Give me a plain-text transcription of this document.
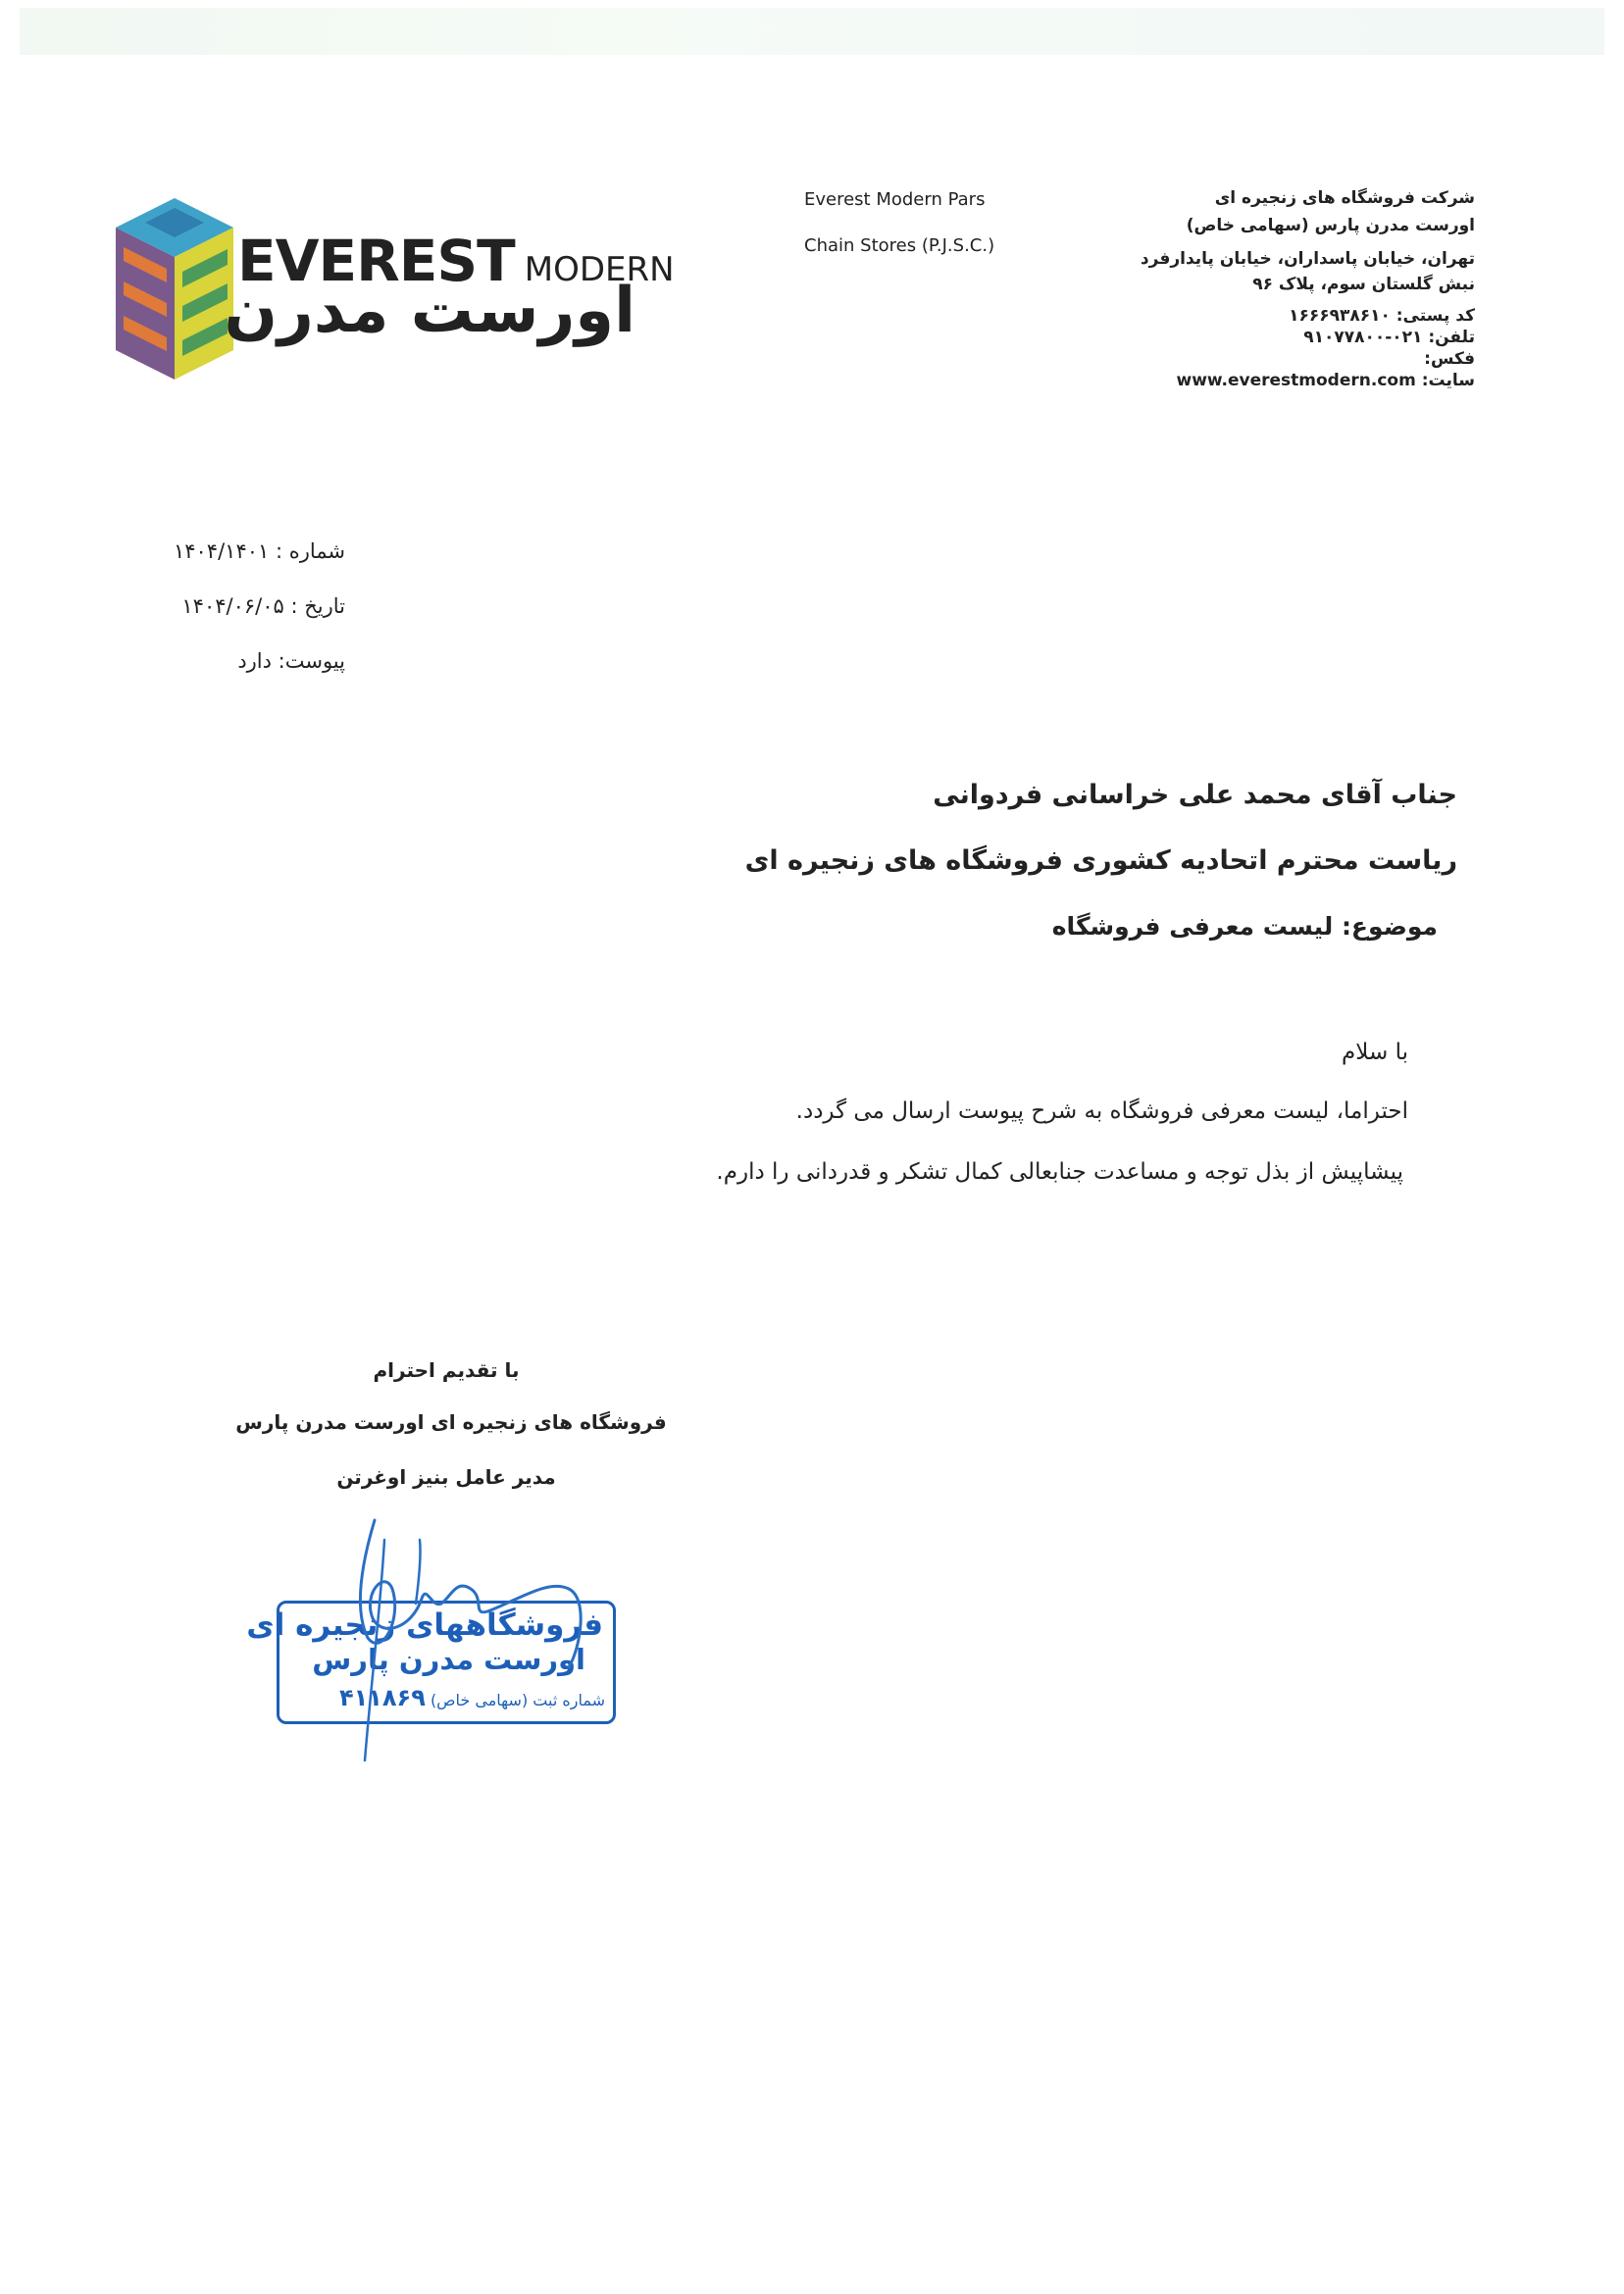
EVEREST MODERN
اورست مدرن
Everest Modern Pars
Chain Stores (P.J.S.C.)
شرکت فروشگاه های زنجیره ای
اورست مدرن پارس (سهامی خاص)
تهران، خیابان پاسداران، خیابان پایدارفرد
نبش گلستان سوم، پلاک ۹۶
کد پستی: ۱۶۶۶۹۳۸۶۱۰
تلفن: ۰۲۱-۹۱۰۷۷۸۰۰
فکس:
سایت: www.everestmodern.com
شماره : ۱۴۰۴/۱۴۰۱
تاریخ : ۱۴۰۴/۰۶/۰۵
پیوست: دارد
جناب آقای محمد علی خراسانی فردوانی
ریاست محترم اتحادیه کشوری فروشگاه های زنجیره ای
موضوع: لیست معرفی فروشگاه
با سلام
احتراما، لیست معرفی فروشگاه به شرح پیوست ارسال می گردد.
پیشاپیش از بذل توجه و مساعدت جنابعالی کمال تشکر و قدردانی را دارم.
با تقدیم احترام
فروشگاه های زنجیره ای اورست مدرن پارس
مدیر عامل بنیز اوغرتن
فروشگاههای زنجیره ای
اورست مدرن پارس
شماره ثبت (سهامی خاص) ۴۱۱۸۶۹
